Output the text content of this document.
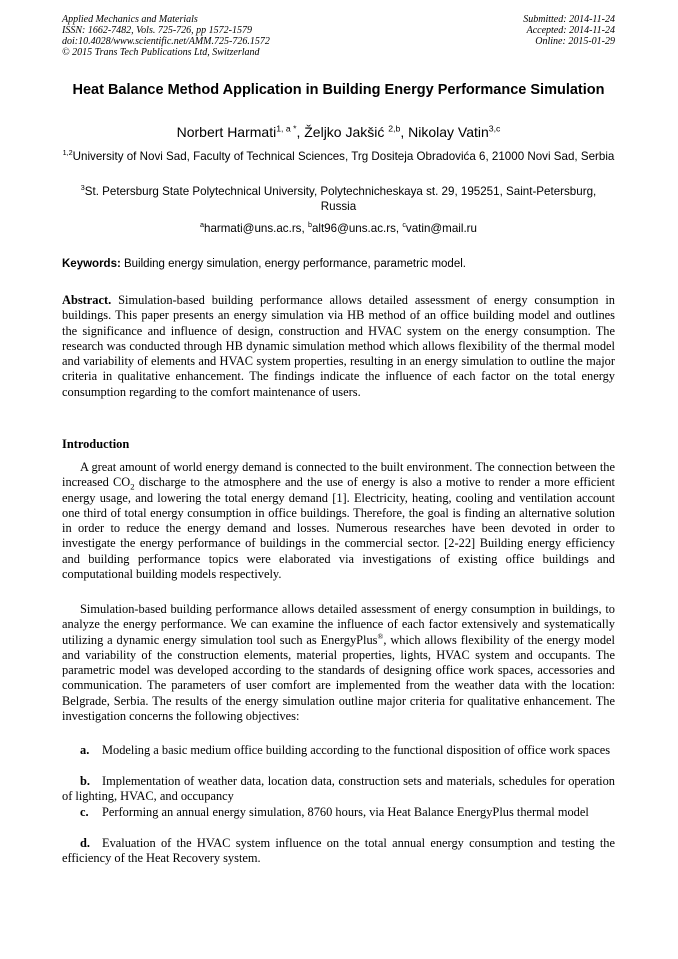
Applied Mechanics and Materials
ISSN: 1662-7482, Vols. 725-726, pp 1572-1579
doi:10.4028/www.scientific.net/AMM.725-726.1572
© 2015 Trans Tech Publications Ltd, Switzerland
Submitted: 2014-11-24
Accepted: 2014-11-24
Online: 2015-01-29
Heat Balance Method Application in Building Energy Performance Simulation
Norbert Harmati$^{1, a *}$, Željko Jakšić $^{2,b}$, Nikolay Vatin$^{3,c}$
$^{1,2}$University of Novi Sad, Faculty of Technical Sciences, Trg Dositeja Obradovića 6, 21000 Novi Sad, Serbia
$^3$St. Petersburg State Polytechnical University, Polytechnicheskaya st. 29, 195251, Saint-Petersburg, Russia
$^a$harmati@uns.ac.rs, $^b$alt96@uns.ac.rs, $^c$vatin@mail.ru
Keywords: Building energy simulation, energy performance, parametric model.
Abstract. Simulation-based building performance allows detailed assessment of energy consumption in buildings. This paper presents an energy simulation via HB method of an office building model and outlines the significance and influence of design, construction and HVAC system on the energy consumption. The research was conducted through HB dynamic simulation method which allows flexibility of the thermal model and variability of elements and HVAC system properties, resulting in an energy simulation to outline the major criteria in qualitative enhancement. The findings indicate the influence of each factor on the total energy consumption regarding to the comfort maintenance of users.
Introduction
A great amount of world energy demand is connected to the built environment. The connection between the increased $CO_2$ discharge to the atmosphere and the use of energy is also a motive to render a more efficient energy usage, and lowering the total energy demand [1]. Electricity, heating, cooling and ventilation account one third of total energy consumption in office buildings. Therefore, the goal is finding an alternative solution in order to reduce the energy demand and losses. Numerous researches have been devoted in order to investigate the energy performance of buildings in the commercial sector. [2-22] Building energy efficiency and building performance topics were elaborated via investigations of existing office buildings and computational building models respectively.
Simulation-based building performance allows detailed assessment of energy consumption in buildings, to analyze the energy performance. We can examine the influence of each factor extensively and systematically utilizing a dynamic energy simulation tool such as EnergyPlus®, which allows flexibility of the energy model and variability of the construction elements, material properties, lights, HVAC system and occupants. The parametric model was developed according to the standards of designing office work spaces, accessories and communication. The parameters of user comfort are implemented from the weather data with the location: Belgrade, Serbia. The results of the energy simulation outline major criteria for qualitative enhancement. The investigation concerns the following objectives:
a. Modeling a basic medium office building according to the functional disposition of office work spaces
b. Implementation of weather data, location data, construction sets and materials, schedules for operation of lighting, HVAC, and occupancy
c. Performing an annual energy simulation, 8760 hours, via Heat Balance EnergyPlus thermal model
d. Evaluation of the HVAC system influence on the total annual energy consumption and testing the efficiency of the Heat Recovery system.
